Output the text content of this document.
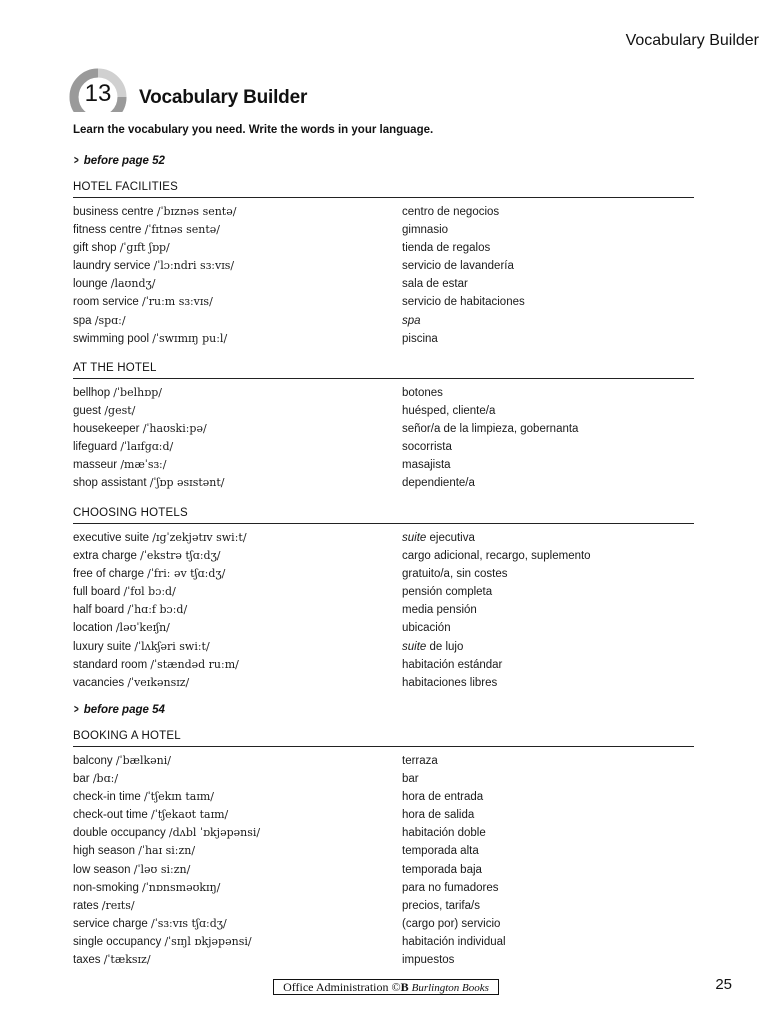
Vocabulary Builder
13	Vocabulary Builder
Learn the vocabulary you need. Write the words in your language.
> before page 52
HOTEL FACILITIES
business centre /ˈbɪznəs sentə/	centro de negocios
fitness centre /ˈfɪtnəs sentə/	gimnasio
gift shop /ˈgɪft ʃɒp/	tienda de regalos
laundry service /ˈlɔːndri sɜːvɪs/	servicio de lavandería
lounge /laʊndʒ/	sala de estar
room service /ˈruːm sɜːvɪs/	servicio de habitaciones
spa /spɑː/	spa
swimming pool /ˈswɪmɪŋ puːl/	piscina
AT THE HOTEL
bellhop /ˈbelhɒp/	botones
guest /gest/	huésped, cliente/a
housekeeper /ˈhaʊskiːpə/	señor/a de la limpieza, gobernanta
lifeguard /ˈlaɪfgɑːd/	socorrista
masseur /mæˈsɜː/	masajista
shop assistant /ˈʃɒp əsɪstənt/	dependiente/a
CHOOSING HOTELS
executive suite /ɪgˈzekjətɪv swiːt/	suite ejecutiva
extra charge /ˈekstrə tʃɑːdʒ/	cargo adicional, recargo, suplemento
free of charge /ˈfriː əv tʃɑːdʒ/	gratuito/a, sin costes
full board /ˈfʊl bɔːd/	pensión completa
half board /ˈhɑːf bɔːd/	media pensión
location /ləʊˈkeɪʃn/	ubicación
luxury suite /ˈlʌkʃəri swiːt/	suite de lujo
standard room /ˈstændəd ruːm/	habitación estándar
vacancies /ˈveɪkənsɪz/	habitaciones libres
> before page 54
BOOKING A HOTEL
balcony /ˈbælkəni/	terraza
bar /bɑː/	bar
check-in time /ˈtʃekɪn taɪm/	hora de entrada
check-out time /ˈtʃekaʊt taɪm/	hora de salida
double occupancy /dʌbl ˈɒkjəpənsi/	habitación doble
high season /ˈhaɪ siːzn/	temporada alta
low season /ˈləʊ siːzn/	temporada baja
non-smoking /ˈnɒnsməʊkɪŋ/	para no fumadores
rates /reɪts/	precios, tarifa/s
service charge /ˈsɜːvɪs tʃɑːdʒ/	(cargo por) servicio
single occupancy /ˈsɪŋl ɒkjəpənsi/	habitación individual
taxes /ˈtæksɪz/	impuestos
Office Administration ©B Burlington Books	25
